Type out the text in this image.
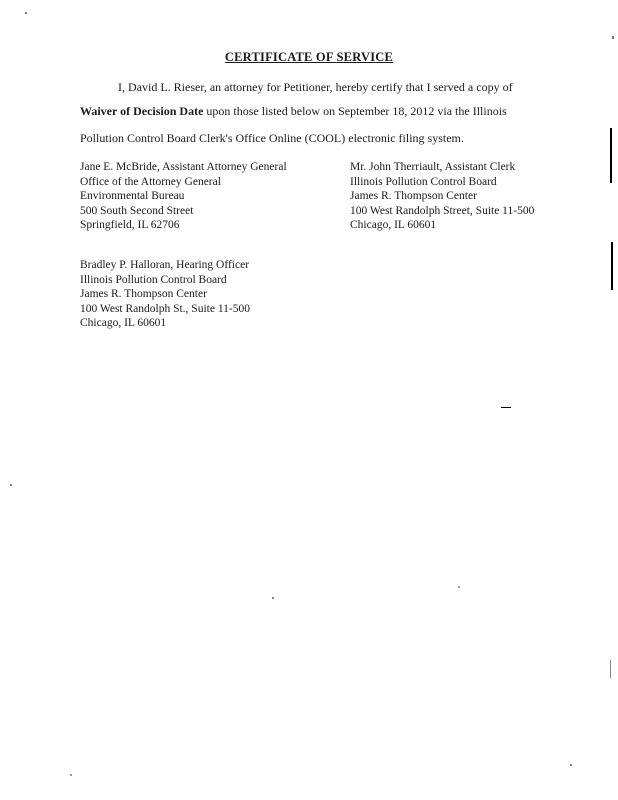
CERTIFICATE OF SERVICE
I, David L. Rieser, an attorney for Petitioner, hereby certify that I served a copy of
Waiver of Decision Date upon those listed below on September 18, 2012 via the Illinois
Pollution Control Board Clerk's Office Online (COOL) electronic filing system.
Jane E. McBride, Assistant Attorney General
Office of the Attorney General
Environmental Bureau
500 South Second Street
Springfield, IL 62706
Mr. John Therriault, Assistant Clerk
Illinois Pollution Control Board
James R. Thompson Center
100 West Randolph Street, Suite 11-500
Chicago, IL 60601
Bradley P. Halloran, Hearing Officer
Illinois Pollution Control Board
James R. Thompson Center
100 West Randolph St., Suite 11-500
Chicago, IL 60601
